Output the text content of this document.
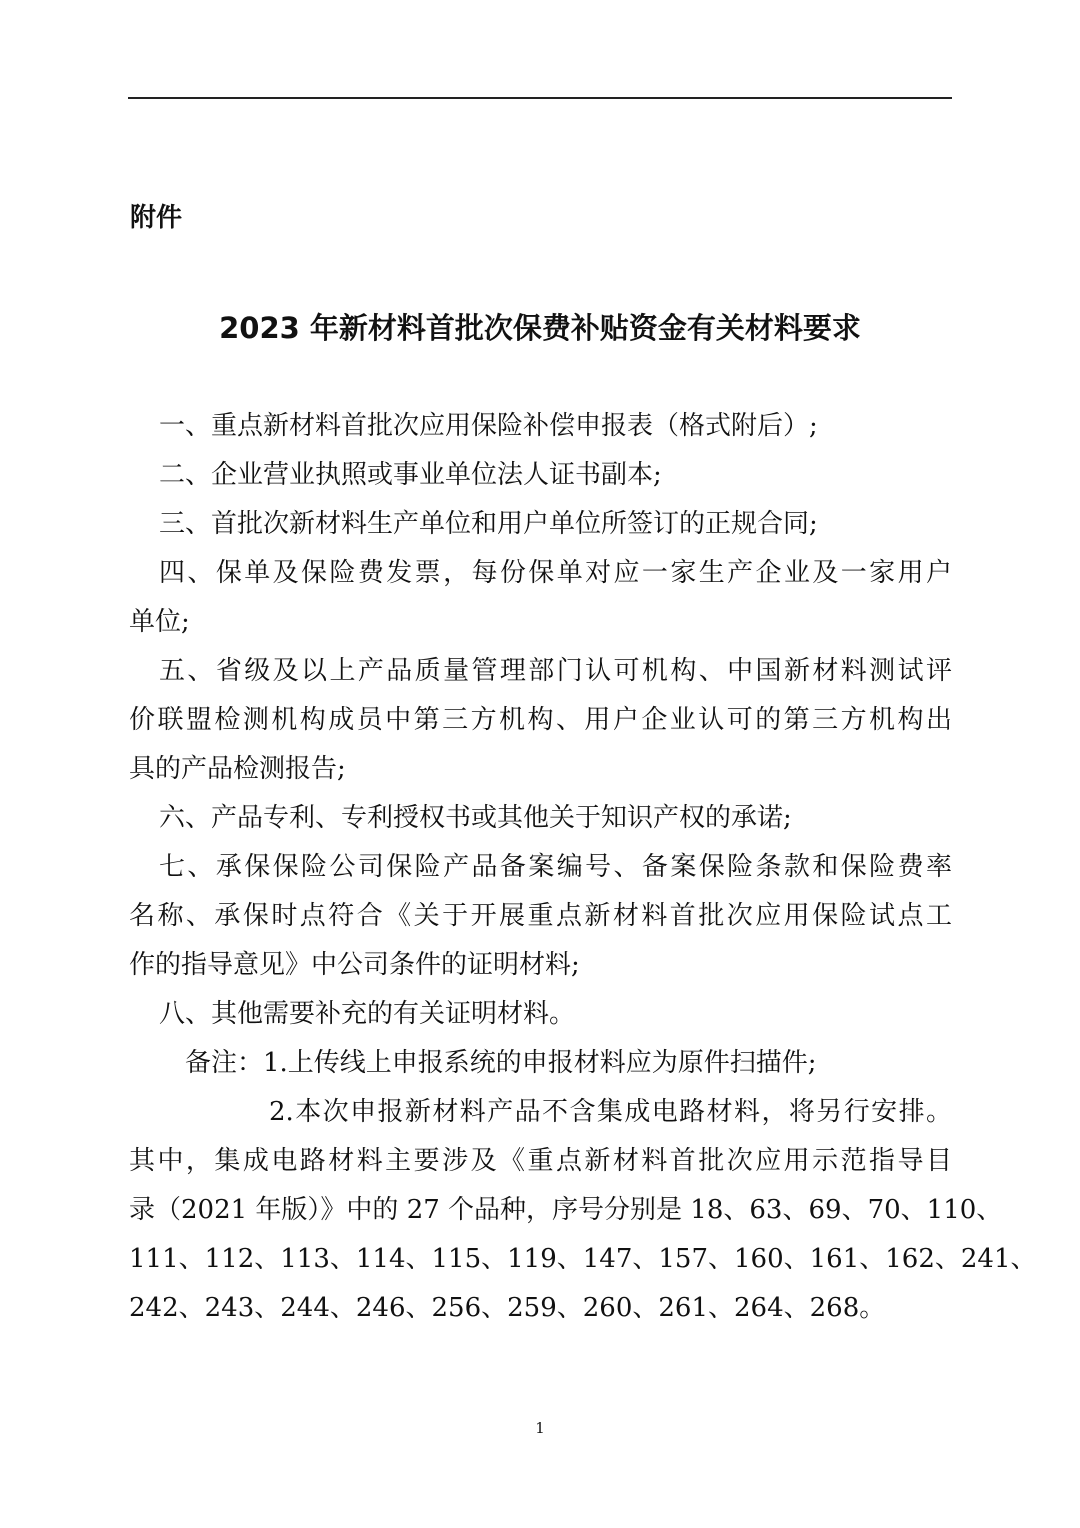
附件
2023 年新材料首批次保费补贴资金有关材料要求
一、重点新材料首批次应用保险补偿申报表（格式附后）;
二、企业营业执照或事业单位法人证书副本;
三、首批次新材料生产单位和用户单位所签订的正规合同;
四、保单及保险费发票，每份保单对应一家生产企业及一家用户
单位;
五、省级及以上产品质量管理部门认可机构、中国新材料测试评
价联盟检测机构成员中第三方机构、用户企业认可的第三方机构出
具的产品检测报告;
六、产品专利、专利授权书或其他关于知识产权的承诺;
七、承保保险公司保险产品备案编号、备案保险条款和保险费率
名称、承保时点符合《关于开展重点新材料首批次应用保险试点工
作的指导意见》中公司条件的证明材料;
八、其他需要补充的有关证明材料。
备注：1.上传线上申报系统的申报材料应为原件扫描件;
2.本次申报新材料产品不含集成电路材料，将另行安排。
其中，集成电路材料主要涉及《重点新材料首批次应用示范指导目
录（2021 年版）》中的 27 个品种，序号分别是 18、63、69、70、110、
111、112、113、114、115、119、147、157、160、161、162、241、
242、243、244、246、256、259、260、261、264、268。
1
